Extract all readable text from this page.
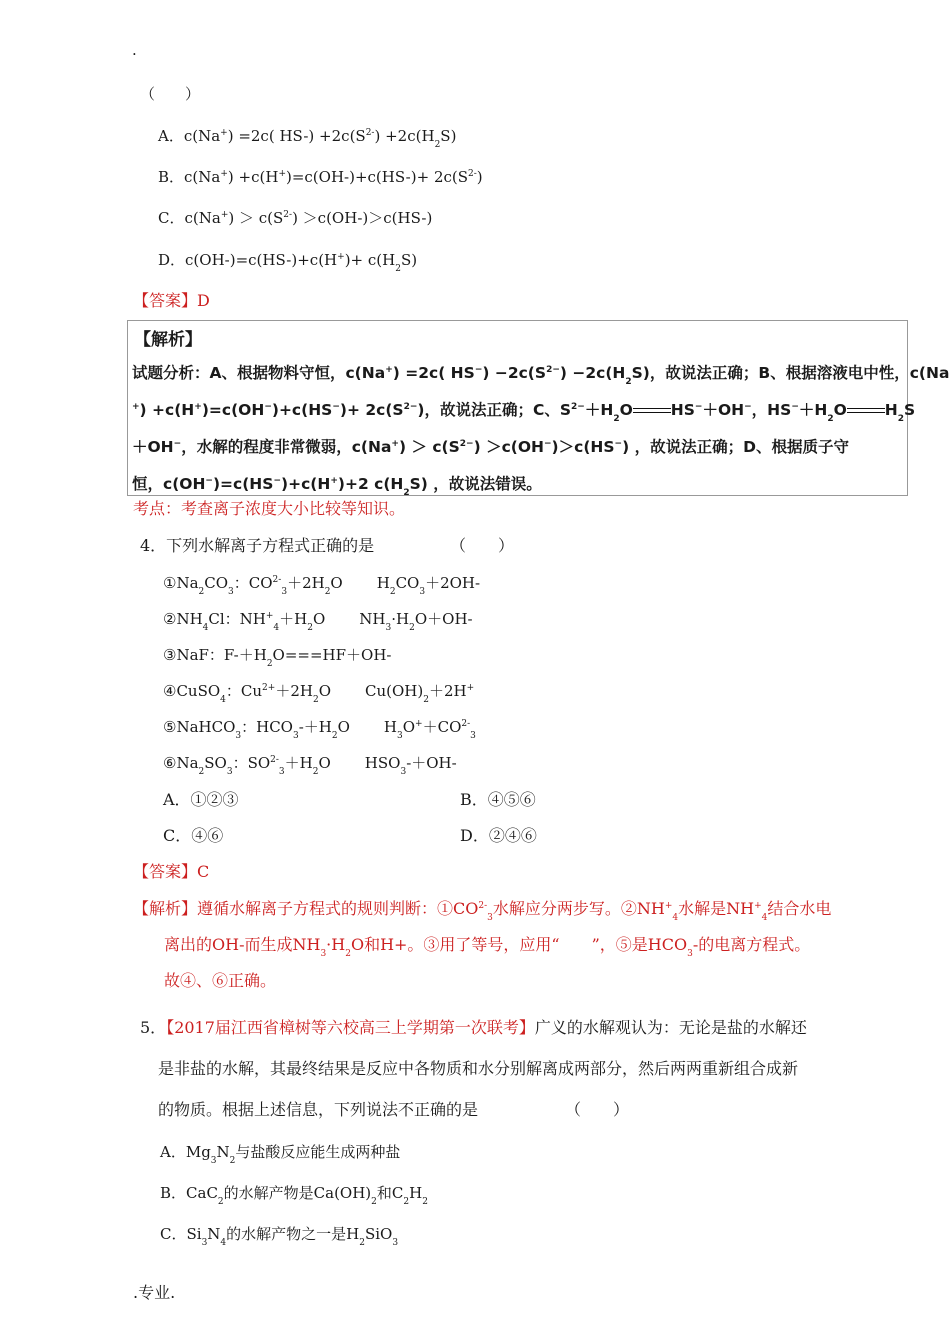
.
（　　）
A．c(Na+) =2c( $HS-) +2c(S^{2-}) +2c(H_2S)$
B．$c(Na^+) +c(H^+)=c(OH-)+c(HS-)+ 2c(S^{2-})$
C．$c(Na^+) > c(S^{2-}) >c(OH-)>c(HS-)$
D．$c(OH-)=c(HS-)+c(H^+)+ c(H_2S)$
【答案】D
【解析】
试题分析：A、根据物料守恒，c(Na+) =2c( $HS^-) -2c(S^{2-}) -2c(H_2S)$，故说法正确；B、根据溶液电中性，c(Na
$^+) +c(H^+)=c(OH^-)+c(HS^-)+ 2c(S^{2-})$，故说法正确；C、$S^{2-}+H_2O$ HS−＋OH−，$HS^-+H_2O$ $H_2S$
＋OH−，水解的程度非常微弱，$c(Na^+) > c(S^{2-}) >c(OH^-)>c(HS^-)$ ，故说法正确；D、根据质子守
恒，c(OH−)=c(HS−)+c(H+)+2 $c(H_2S)$ ，故说法错误。
考点：考查离子浓度大小比较等知识。
4．下列水解离子方程式正确的是	（　　）
$①Na_2CO_3$：$CO^{2-}_3+2H_2O$ $H_2CO_3+2OH-$
$②NH_4Cl$：$NH^+_4+H_2O$ $NH_3\cdot H_2O+OH-$
③NaF：$F-+H_2O===HF+OH-$
④CuSO$_4$：$Cu^{2+}+2H_2O$ $Cu(OH)_2+2H^+$
⑤NaHCO$_3$：$HCO_3-+H_2O$ $H_3O^++CO^{2-}_3$
$⑥Na_2SO_3$：$SO^{2-}_3+H_2O$ $HSO_3-+OH-$
A．①②③	B．④⑤⑥
C．④⑥	D．②④⑥
【答案】C
【解析】遵循水解离子方程式的规则判断：$①CO^{2-}_3$水解应分两步写。$②NH^+_4$水解是$NH^+_4$结合水电
离出的OH-而生成$NH_3\cdot H_2O$和H+。③用了等号，应用“　　”，⑤是$HCO_3-$的电离方程式。
故④、⑥正确。
5．【2017届江西省樟树等六校高三上学期第一次联考】广义的水解观认为：无论是盐的水解还
是非盐的水解，其最终结果是反应中各物质和水分别解离成两部分，然后两两重新组合成新
的物质。根据上述信息，下列说法不正确的是	（　　）
A．$Mg_3N_2$与盐酸反应能生成两种盐
B．CaC$_2$的水解产物是$Ca(OH)_2$和$C_2H_2$
C．$Si_3N_4$的水解产物之一是$H_2SiO_3$
.专业.
